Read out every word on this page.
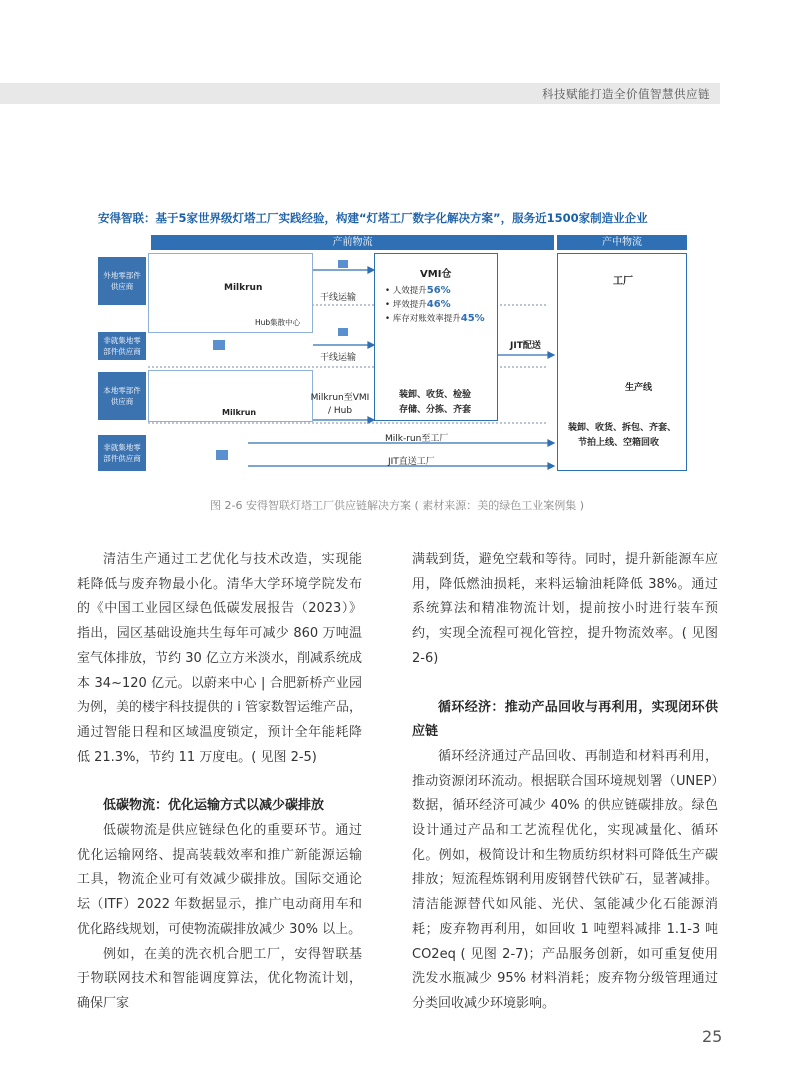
科技赋能打造全价值智慧供应链
安得智联：基于5家世界级灯塔工厂实践经验，构建“灯塔工厂数字化解决方案”，服务近1500家制造业企业
产前物流	产中物流
外地零部件供应商
非就集地零部件供应商
本地零部件供应商
非就集地零部件供应商
Milkrun
Hub集散中心
Milkrun
干线运输
干线运输
Milkrun至VMI / Hub
Milk-run至工厂
JIT直送工厂
VMI仓
• 人效提升56%
• 坪效提升46%
• 库存对账效率提升45%
装卸、收货、检验
存储、分拣、齐套
JIT配送
工厂
生产线
装卸、收货、拆包、齐套、
节拍上线、空箱回收
图 2-6 安得智联灯塔工厂供应链解决方案 ( 素材来源：美的绿色工业案例集 )

清洁生产通过工艺优化与技术改造，实现能耗降低与废弃物最小化。清华大学环境学院发布的《中国工业园区绿色低碳发展报告（2023）》指出，园区基础设施共生每年可减少 860 万吨温室气体排放，节约 30 亿立方米淡水，削减系统成本 34~120 亿元。以蔚来中心 | 合肥新桥产业园为例，美的楼宇科技提供的 i 管家数智运维产品，通过智能日程和区域温度锁定，预计全年能耗降低 21.3%，节约 11 万度电。( 见图 2-5)

低碳物流：优化运输方式以减少碳排放

低碳物流是供应链绿色化的重要环节。通过优化运输网络、提高装载效率和推广新能源运输工具，物流企业可有效减少碳排放。国际交通论坛（ITF）2022 年数据显示，推广电动商用车和优化路线规划，可使物流碳排放减少 30% 以上。

例如，在美的洗衣机合肥工厂，安得智联基于物联网技术和智能调度算法，优化物流计划，确保厂家

满载到货，避免空载和等待。同时，提升新能源车应用，降低燃油损耗，来料运输油耗降低 38%。通过系统算法和精准物流计划，提前按小时进行装车预约，实现全流程可视化管控，提升物流效率。( 见图 2-6)

循环经济：推动产品回收与再利用，实现闭环供应链

循环经济通过产品回收、再制造和材料再利用，推动资源闭环流动。根据联合国环境规划署（UNEP）数据，循环经济可减少 40% 的供应链碳排放。绿色设计通过产品和工艺流程优化，实现减量化、循环化。例如，极简设计和生物质纺织材料可降低生产碳排放；短流程炼钢利用废钢替代铁矿石，显著减排。清洁能源替代如风能、光伏、氢能减少化石能源消耗；废弃物再利用，如回收 1 吨塑料减排 1.1-3 吨 CO2eq ( 见图 2-7)；产品服务创新，如可重复使用洗发水瓶减少 95% 材料消耗；废弃物分级管理通过分类回收减少环境影响。

25
